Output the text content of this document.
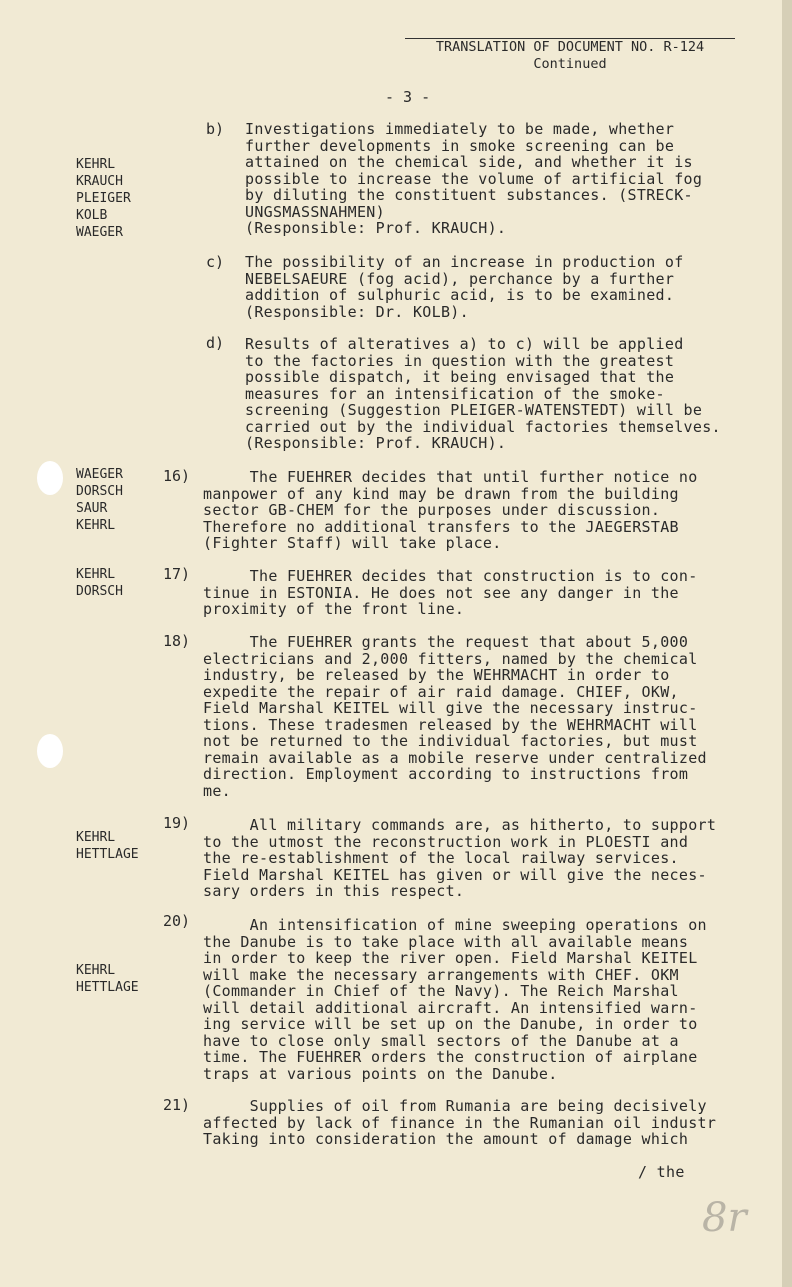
TRANSLATION OF DOCUMENT NO. R-124
Continued
- 3 -
b)
KEHRL
KRAUCH
PLEIGER
KOLB
WAEGER
Investigations immediately to be made, whether
further developments in smoke screening can be
attained on the chemical side, and whether it is
possible to increase the volume of artificial fog
by diluting the constituent substances. (STRECK-
UNGSMASSNAHMEN)
(Responsible: Prof. KRAUCH).
c) The possibility of an increase in production of
NEBELSAEURE (fog acid), perchance by a further
addition of sulphuric acid, is to be examined.
(Responsible: Dr. KOLB).
d) Results of alteratives a) to c) will be applied
to the factories in question with the greatest
possible dispatch, it being envisaged that the
measures for an intensification of the smoke-
screening (Suggestion PLEIGER-WATENSTEDT) will be
carried out by the individual factories themselves.
(Responsible: Prof. KRAUCH).
16)
WAEGER
DORSCH
SAUR
KEHRL
The FUEHRER decides that until further notice no
manpower of any kind may be drawn from the building
sector GB-CHEM for the purposes under discussion.
Therefore no additional transfers to the JAEGERSTAB
(Fighter Staff) will take place.
17)
KEHRL
DORSCH
The FUEHRER decides that construction is to con-
tinue in ESTONIA. He does not see any danger in the
proximity of the front line.
18)	The FUEHRER grants the request that about 5,000
electricians and 2,000 fitters, named by the chemical
industry, be released by the WEHRMACHT in order to
expedite the repair of air raid damage. CHIEF, OKW,
Field Marshal KEITEL will give the necessary instruc-
tions. These tradesmen released by the WEHRMACHT will
not be returned to the individual factories, but must
remain available as a mobile reserve under centralized
direction. Employment according to instructions from
me.
19)
KEHRL
HETTLAGE
All military commands are, as hitherto, to support
to the utmost the reconstruction work in PLOESTI and
the re-establishment of the local railway services.
Field Marshal KEITEL has given or will give the neces-
sary orders in this respect.
20)
KEHRL
HETTLAGE
An intensification of mine sweeping operations on
the Danube is to take place with all available means
in order to keep the river open. Field Marshal KEITEL
will make the necessary arrangements with CHEF. OKM
(Commander in Chief of the Navy). The Reich Marshal
will detail additional aircraft. An intensified warn-
ing service will be set up on the Danube, in order to
have to close only small sectors of the Danube at a
time. The FUEHRER orders the construction of airplane
traps at various points on the Danube.
21)	Supplies of oil from Rumania are being decisively
affected by lack of finance in the Rumanian oil industr
Taking into consideration the amount of damage which
/ the
8r
